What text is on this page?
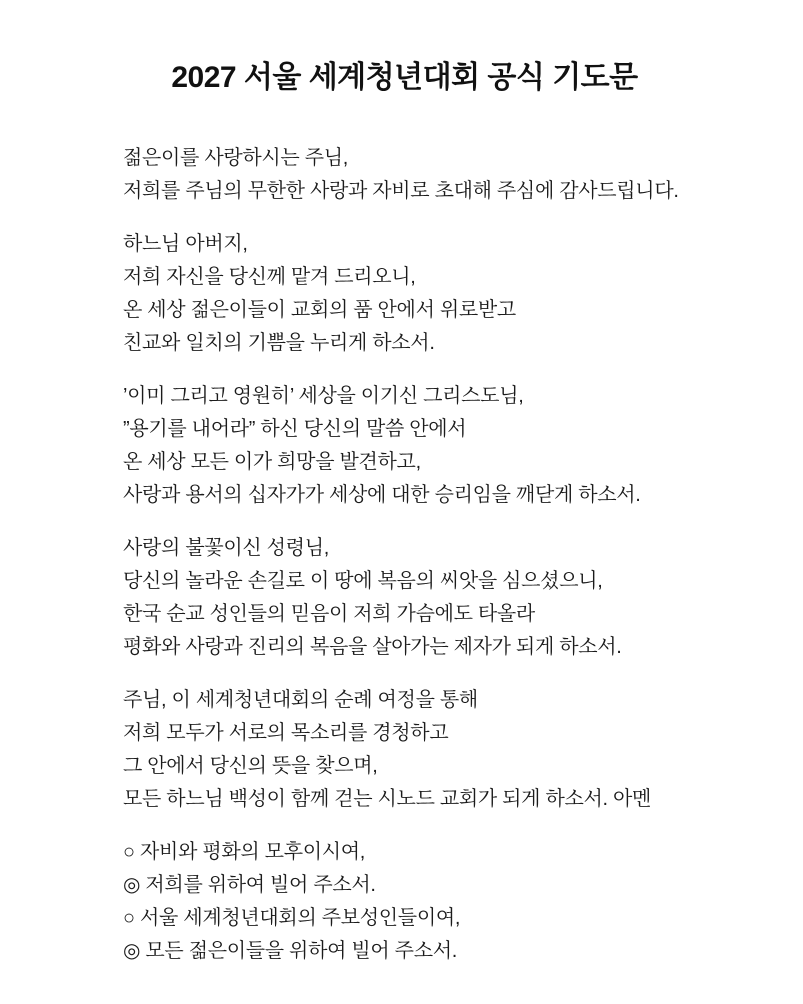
2027 서울 세계청년대회 공식 기도문

젊은이를 사랑하시는 주님,

저희를 주님의 무한한 사랑과 자비로 초대해 주심에 감사드립니다.

하느님 아버지,

저희 자신을 당신께 맡겨 드리오니,

온 세상 젊은이들이 교회의 품 안에서 위로받고

친교와 일치의 기쁨을 누리게 하소서.

’이미 그리고 영원히’ 세상을 이기신 그리스도님,

”용기를 내어라” 하신 당신의 말씀 안에서

온 세상 모든 이가 희망을 발견하고,

사랑과 용서의 십자가가 세상에 대한 승리임을 깨닫게 하소서.

사랑의 불꽃이신 성령님,

당신의 놀라운 손길로 이 땅에 복음의 씨앗을 심으셨으니,

한국 순교 성인들의 믿음이 저희 가슴에도 타올라

평화와 사랑과 진리의 복음을 살아가는 제자가 되게 하소서.

주님, 이 세계청년대회의 순례 여정을 통해

저희 모두가 서로의 목소리를 경청하고

그 안에서 당신의 뜻을 찾으며,

모든 하느님 백성이 함께 걷는 시노드 교회가 되게 하소서. 아멘

○ 자비와 평화의 모후이시여,

◎ 저희를 위하여 빌어 주소서.

○ 서울 세계청년대회의 주보성인들이여,

◎ 모든 젊은이들을 위하여 빌어 주소서.
